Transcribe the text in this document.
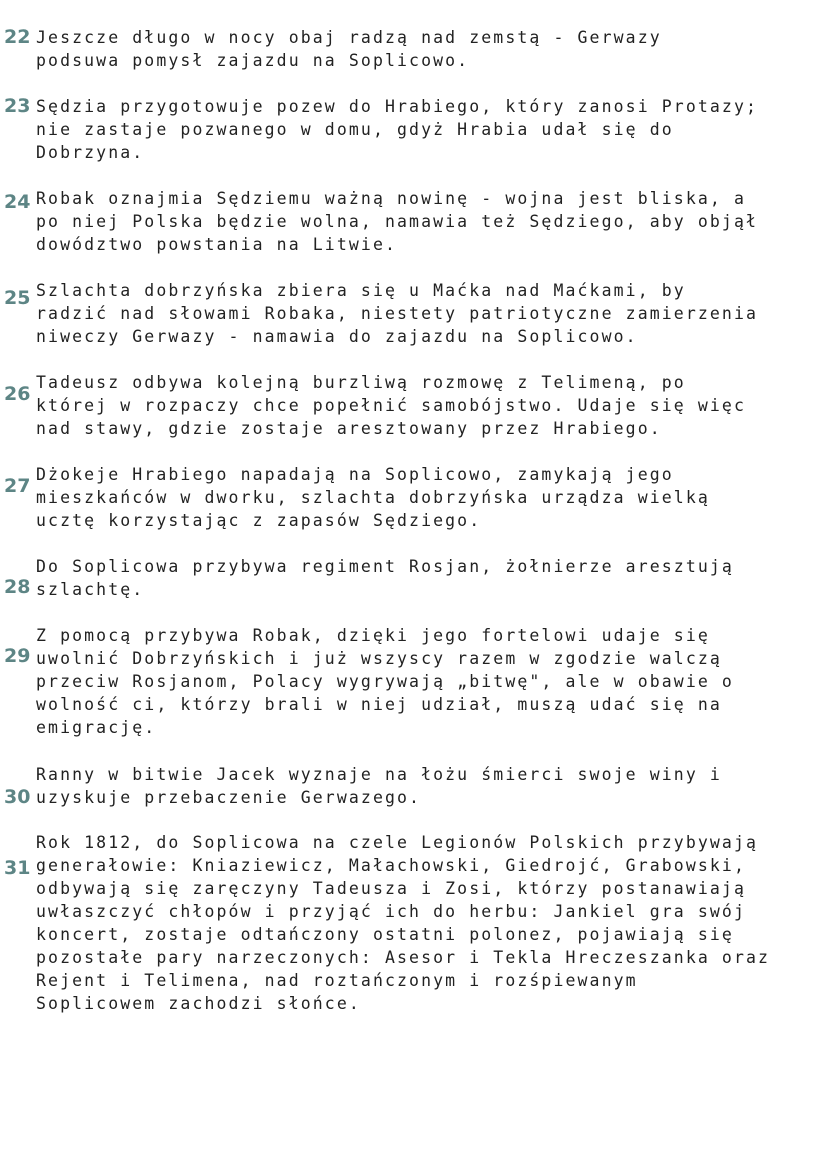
22 Jeszcze długo w nocy obaj radzą nad zemstą - Gerwazy
podsuwa pomysł zajazdu na Soplicowo.
23 Sędzia przygotowuje pozew do Hrabiego, który zanosi Protazy;
nie zastaje pozwanego w domu, gdyż Hrabia udał się do
Dobrzyna.
24 Robak oznajmia Sędziemu ważną nowinę - wojna jest bliska, a
po niej Polska będzie wolna, namawia też Sędziego, aby objął
dowództwo powstania na Litwie.
25 Szlachta dobrzyńska zbiera się u Maćka nad Maćkami, by
radzić nad słowami Robaka, niestety patriotyczne zamierzenia
niweczy Gerwazy - namawia do zajazdu na Soplicowo.
26
Tadeusz odbywa kolejną burzliwą rozmowę z Telimeną, po
której w rozpaczy chce popełnić samobójstwo. Udaje się więc
nad stawy, gdzie zostaje aresztowany przez Hrabiego.
27
Dżokeje Hrabiego napadają na Soplicowo, zamykają jego
mieszkańców w dworku, szlachta dobrzyńska urządza wielką
ucztę korzystając z zapasów Sędziego.
28
Do Soplicowa przybywa regiment Rosjan, żołnierze aresztują
szlachtę.
29
Z pomocą przybywa Robak, dzięki jego fortelowi udaje się
uwolnić Dobrzyńskich i już wszyscy razem w zgodzie walczą
przeciw Rosjanom, Polacy wygrywają „bitwę", ale w obawie o
wolność ci, którzy brali w niej udział, muszą udać się na
emigrację.
30
Ranny w bitwie Jacek wyznaje na łożu śmierci swoje winy i
uzyskuje przebaczenie Gerwazego.
31
Rok 1812, do Soplicowa na czele Legionów Polskich przybywają
generałowie: Kniaziewicz, Małachowski, Giedrojć, Grabowski,
odbywają się zaręczyny Tadeusza i Zosi, którzy postanawiają
uwłaszczyć chłopów i przyjąć ich do herbu: Jankiel gra swój
koncert, zostaje odtańczony ostatni polonez, pojawiają się
pozostałe pary narzeczonych: Asesor i Tekla Hreczeszanka oraz
Rejent i Telimena, nad roztańczonym i rozśpiewanym
Soplicowem zachodzi słońce.
